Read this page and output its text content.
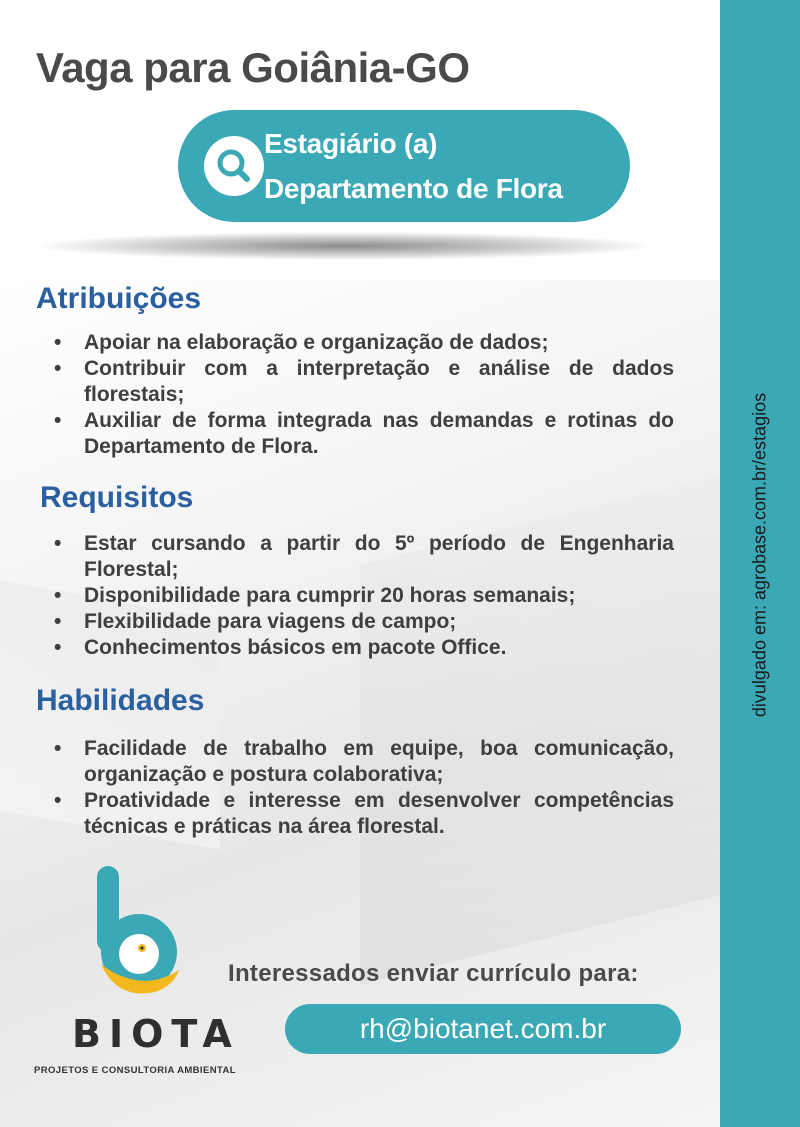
divulgado em: agrobase.com.br/estagios
Vaga para Goiânia-GO
Estagiário (a)
Departamento de Flora
Atribuições
• Apoiar na elaboração e organização de dados;
• Contribuir com a interpretação e análise de dados florestais;
• Auxiliar de forma integrada nas demandas e rotinas do Departamento de Flora.
Requisitos
• Estar cursando a partir do 5º período de Engenharia Florestal;
• Disponibilidade para cumprir 20 horas semanais;
• Flexibilidade para viagens de campo;
• Conhecimentos básicos em pacote Office.
Habilidades
• Facilidade de trabalho em equipe, boa comunicação, organização e postura colaborativa;
• Proatividade e interesse em desenvolver competências técnicas e práticas na área florestal.
BIOTA
PROJETOS E CONSULTORIA AMBIENTAL
Interessados enviar currículo para:
rh@biotanet.com.br
